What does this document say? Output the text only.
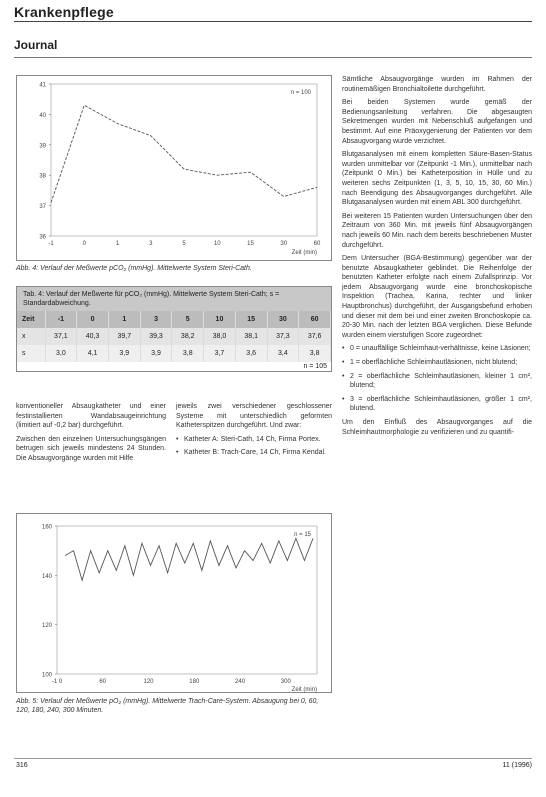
Krankenpflege
Journal
36
37
38
39
40
41
-1	0	1	3	5	10	15	30	60
Zeit (min)
n = 100
Abb. 4: Verlauf der Meßwerte pCO₂ (mmHg). Mittelwerte System Steri-Cath.
Tab. 4: Verlauf der Meßwerte für pCO₂ (mmHg). Mittelwerte System Steri-Cath; s = Standardabweichung.
Zeit	-1	0	1	3	5	10	15	30	60
x	37,1	40,3	39,7	39,3	38,2	38,0	38,1	37,3	37,6
s	3,0	4,1	3,9	3,9	3,8	3,7	3,6	3,4	3,8
n = 105

konventioneller Absaugkatheter und einer festinstallierten Wandabsaugeinrichtung (limitiert auf -0,2 bar) durchgeführt.

Zwischen den einzelnen Untersuchungsgängen betrugen sich jeweils mindestens 24 Stunden. Die Absaugvorgänge wurden mit Hilfe

jeweils zwei verschiedener geschlossener Systeme mit unterschiedlich geformten Katheterspitzen durchgeführt. Und zwar:

• Katheter A: Steri-Cath, 14 Ch, Firma Portex.
• Katheter B: Trach-Care, 14 Ch, Firma Kendal.
100
120
140
160
-1 0	60	120	180	240	300
Zeit (min)
n = 15
Abb. 5: Verlauf der Meßwerte pO₂ (mmHg). Mittelwerte Trach-Care-System. Absaugung bei 0, 60, 120, 180, 240, 300 Minuten.

Sämtliche Absaugvorgänge wurden im Rahmen der routinemäßigen Bronchialtoilette durchgeführt.

Bei beiden Systemen wurde gemäß der Bedienungsanleitung verfahren. Die abgesaugten Sekretmengen wurden mit Nebenschluß aufgefangen und bestimmt. Auf eine Präoxygenierung der Patienten vor dem Absaugvorgang wurde verzichtet.

Blutgasanalysen mit einem kompletten Säure-Basen-Status wurden unmittelbar vor (Zeitpunkt -1 Min.), unmittelbar nach (Zeitpunkt 0 Min.) bei Katheterposition in Hülle und zu weiteren sechs Zeitpunkten (1, 3, 5, 10, 15, 30, 60 Min.) nach Beendigung des Absaugvorganges durchgeführt. Alle Blutgasanalysen wurden mit einem ABL 300 durchgeführt.

Bei weiteren 15 Patienten wurden Untersuchungen über den Zeitraum von 360 Min. mit jeweils fünf Absaugvorgängen nach jeweils 60 Min. nach dem bereits beschriebenen Muster durchgeführt.

Dem Untersucher (BGA-Bestimmung) gegenüber war der benutzte Absaugkatheter geblindet. Die Reihenfolge der benutzten Katheter erfolgte nach einem Zufallsprinzip. Vor jedem Absaugvorgang wurde eine bronchoskopische Inspektion (Trachea, Karina, rechter und linker Hauptbronchus) durchgeführt, der Ausgangsbefund erhoben und dieser mit dem bei und einer zweiten Bronchoskopie ca. 20-30 Min. nach der letzten BGA verglichen. Diese Befunde wurden einem vierstufigen Score zugeordnet:

• 0 = unauffällige Schleimhaut-verhältnisse, keine Läsionen;
• 1 = oberflächliche Schleimhautläsionen, nicht blutend;
• 2 = oberflächliche Schleimhautläsionen, kleiner 1 cm², blutend;
• 3 = oberflächliche Schleimhautläsionen, größer 1 cm², blutend.

Um den Einfluß des Absaugvorganges auf die Schleimhautmorphologie zu verifizieren und zu quantifi-

316	11 (1996)
